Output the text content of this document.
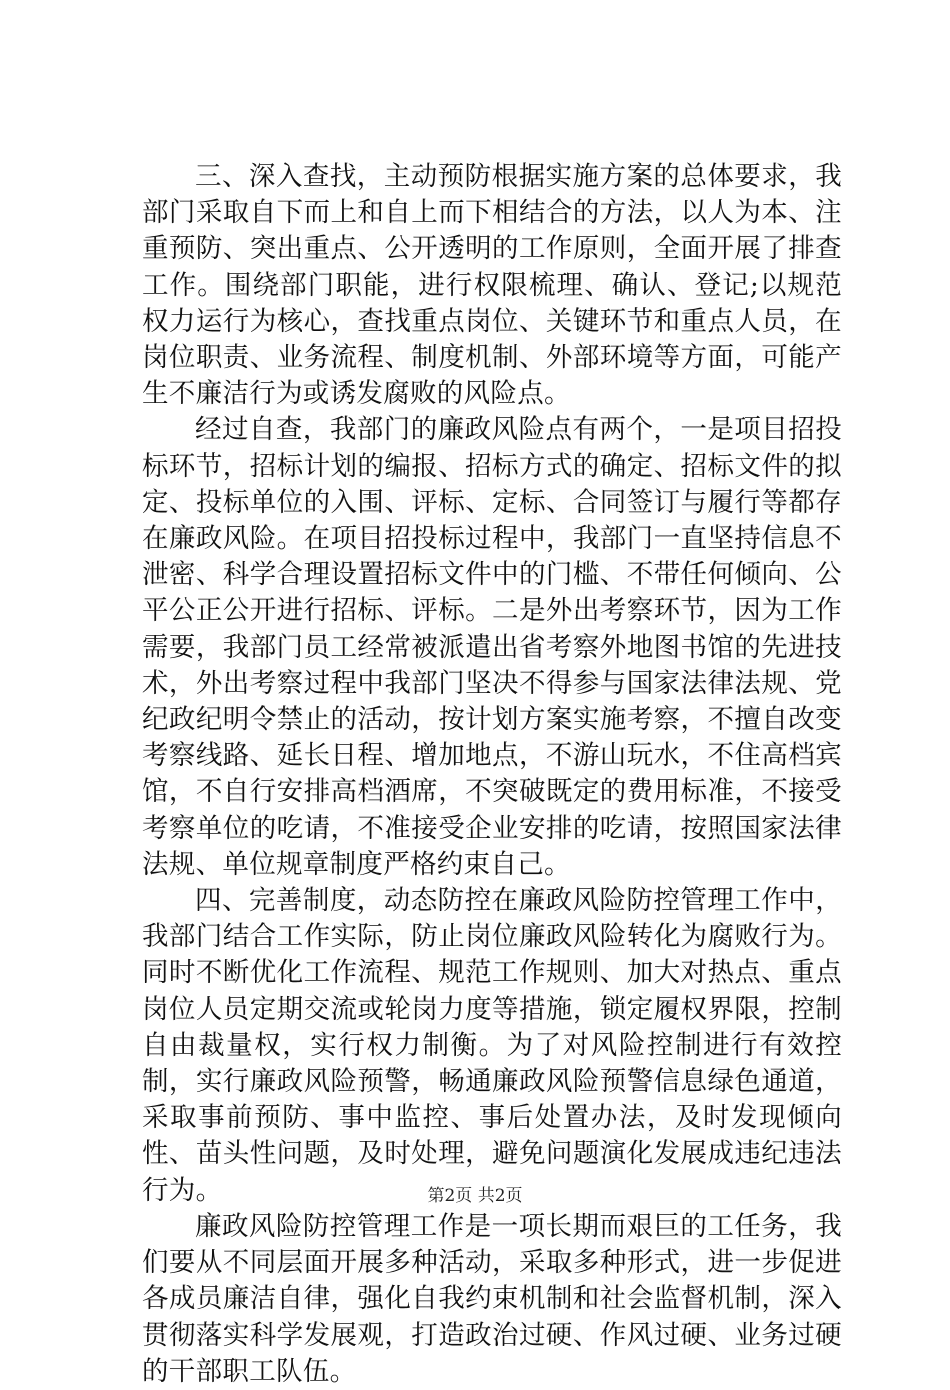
三、深入查找，主动预防根据实施方案的总体要求，我部门采取自下而上和自上而下相结合的方法，以人为本、注重预防、突出重点、公开透明的工作原则，全面开展了排查工作。围绕部门职能，进行权限梳理、确认、登记;以规范权力运行为核心，查找重点岗位、关键环节和重点人员，在岗位职责、业务流程、制度机制、外部环境等方面，可能产生不廉洁行为或诱发腐败的风险点。

经过自查，我部门的廉政风险点有两个，一是项目招投标环节，招标计划的编报、招标方式的确定、招标文件的拟定、投标单位的入围、评标、定标、合同签订与履行等都存在廉政风险。在项目招投标过程中，我部门一直坚持信息不泄密、科学合理设置招标文件中的门槛、不带任何倾向、公平公正公开进行招标、评标。二是外出考察环节，因为工作需要，我部门员工经常被派遣出省考察外地图书馆的先进技术，外出考察过程中我部门坚决不得参与国家法律法规、党纪政纪明令禁止的活动，按计划方案实施考察，不擅自改变考察线路、延长日程、增加地点，不游山玩水，不住高档宾馆，不自行安排高档酒席，不突破既定的费用标准，不接受考察单位的吃请，不准接受企业安排的吃请，按照国家法律法规、单位规章制度严格约束自己。

四、完善制度，动态防控在廉政风险防控管理工作中，我部门结合工作实际，防止岗位廉政风险转化为腐败行为。同时不断优化工作流程、规范工作规则、加大对热点、重点岗位人员定期交流或轮岗力度等措施，锁定履权界限，控制自由裁量权，实行权力制衡。为了对风险控制进行有效控制，实行廉政风险预警，畅通廉政风险预警信息绿色通道，采取事前预防、事中监控、事后处置办法，及时发现倾向性、苗头性问题，及时处理，避免问题演化发展成违纪违法行为。

廉政风险防控管理工作是一项长期而艰巨的工任务，我们要从不同层面开展多种活动，采取多种形式，进一步促进各成员廉洁自律，强化自我约束机制和社会监督机制，深入贯彻落实科学发展观，打造政治过硬、作风过硬、业务过硬的干部职工队伍。

第2页 共2页
